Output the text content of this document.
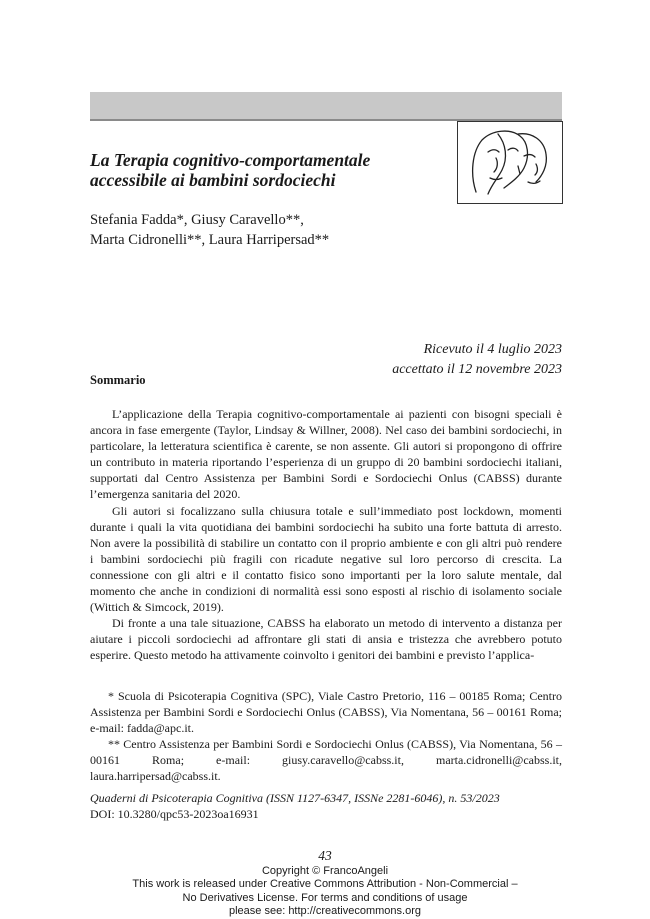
La Terapia cognitivo-comportamentale
accessibile ai bambini sordociechi
Stefania Fadda*, Giusy Caravello**,
Marta Cidronelli**, Laura Harripersad**
Ricevuto il 4 luglio 2023
accettato il 12 novembre 2023
Sommario

L’applicazione della Terapia cognitivo-comportamentale ai pazienti con bisogni speciali è ancora in fase emergente (Taylor, Lindsay & Willner, 2008). Nel caso dei bambini sordociechi, in particolare, la letteratura scientifica è carente, se non assente. Gli autori si propongono di offrire un contributo in materia riportando l’esperienza di un gruppo di 20 bambini sordociechi italiani, supportati dal Centro Assistenza per Bambini Sordi e Sordociechi Onlus (CABSS) durante l’emergenza sanitaria del 2020.

Gli autori si focalizzano sulla chiusura totale e sull’immediato post lockdown, momenti durante i quali la vita quotidiana dei bambini sordociechi ha subito una forte battuta di arresto. Non avere la possibilità di stabilire un contatto con il proprio ambiente e con gli altri può rendere i bambini sordociechi più fragili con ricadute negative sul loro percorso di crescita. La connessione con gli altri e il contatto fisico sono importanti per la loro salute mentale, dal momento che anche in condizioni di normalità essi sono esposti al rischio di isolamento sociale (Wittich & Simcock, 2019).

Di fronte a una tale situazione, CABSS ha elaborato un metodo di intervento a distanza per aiutare i piccoli sordociechi ad affrontare gli stati di ansia e tristezza che avrebbero potuto esperire. Questo metodo ha attivamente coinvolto i genitori dei bambini e previsto l’applica-

* Scuola di Psicoterapia Cognitiva (SPC), Viale Castro Pretorio, 116 – 00185 Roma; Centro Assistenza per Bambini Sordi e Sordociechi Onlus (CABSS), Via Nomentana, 56 – 00161 Roma; e-mail: fadda@apc.it.

** Centro Assistenza per Bambini Sordi e Sordociechi Onlus (CABSS), Via Nomentana, 56 – 00161 Roma; e-mail: giusy.caravello@cabss.it, marta.cidronelli@cabss.it, laura.harripersad@cabss.it.

Quaderni di Psicoterapia Cognitiva (ISSN 1127-6347, ISSNe 2281-6046), n. 53/2023
DOI: 10.3280/qpc53-2023oa16931
43
Copyright © FrancoAngeli
This work is released under Creative Commons Attribution - Non-Commercial –
No Derivatives License. For terms and conditions of usage
please see: http://creativecommons.org
